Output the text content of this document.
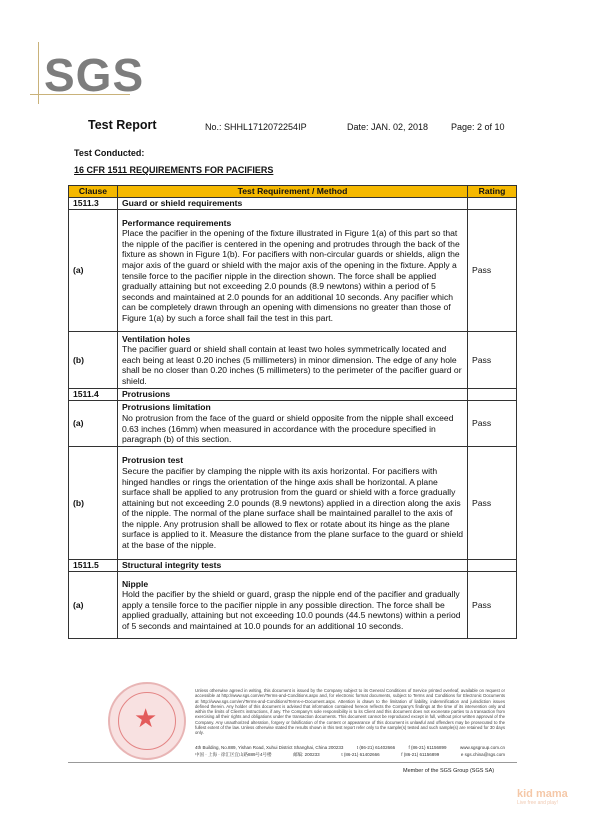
SGS
Test Report	No.: SHHL1712072254IP	Date: JAN. 02, 2018	Page: 2 of 10
Test Conducted:
16 CFR 1511 REQUIREMENTS FOR PACIFIERS
Clause	Test Requirement / Method	Rating
1511.3	Guard or shield requirements	
(a)	Performance requirements
Place the pacifier in the opening of the fixture illustrated in Figure 1(a) of this part so that the nipple of the pacifier is centered in the opening and protrudes through the back of the fixture as shown in Figure 1(b). For pacifiers with non-circular guards or shields, align the major axis of the guard or shield with the major axis of the opening in the fixture. Apply a tensile force to the pacifier nipple in the direction shown. The force shall be applied gradually attaining but not exceeding 2.0 pounds (8.9 newtons) within a period of 5 seconds and maintained at 2.0 pounds for an additional 10 seconds. Any pacifier which can be completely drawn through an opening with dimensions no greater than those of Figure 1(a) by such a force shall fail the test in this part.	Pass
(b)	Ventilation holes
The pacifier guard or shield shall contain at least two holes symmetrically located and each being at least 0.20 inches (5 millimeters) in minor dimension. The edge of any hole shall be no closer than 0.20 inches (5 millimeters) to the perimeter of the pacifier guard or shield.	Pass
1511.4	Protrusions	
(a)	Protrusions limitation
No protrusion from the face of the guard or shield opposite from the nipple shall exceed 0.63 inches (16mm) when measured in accordance with the procedure specified in paragraph (b) of this section.	Pass
(b)	Protrusion test
Secure the pacifier by clamping the nipple with its axis horizontal. For pacifiers with hinged handles or rings the orientation of the hinge axis shall be horizontal. A plane surface shall be applied to any protrusion from the guard or shield with a force gradually attaining but not exceeding 2.0 pounds (8.9 newtons) applied in a direction along the axis of the nipple. The normal of the plane surface shall be maintained parallel to the axis of the nipple. Any protrusion shall be allowed to flex or rotate about its hinge as the plane surface is applied to it. Measure the distance from the plane surface to the guard or shield at the base of the nipple.	Pass
1511.5	Structural integrity tests	
(a)	Nipple
Hold the pacifier by the shield or guard, grasp the nipple end of the pacifier and gradually apply a tensile force to the pacifier nipple in any possible direction. The force shall be applied gradually, attaining but not exceeding 10.0 pounds (44.5 newtons) within a period of 5 seconds and maintained at 10.0 pounds for an additional 10 seconds.	Pass
★
Unless otherwise agreed in writing, this document is issued by the Company subject to its General Conditions of Service printed overleaf, available on request or accessible at http://www.sgs.com/en/Terms-and-Conditions.aspx and, for electronic format documents, subject to Terms and Conditions for Electronic Documents at http://www.sgs.com/en/Terms-and-Conditions/Terms-e-Document.aspx. Attention is drawn to the limitation of liability, indemnification and jurisdiction issues defined therein. Any holder of this document is advised that information contained hereon reflects the Company's findings at the time of its intervention only and within the limits of Client's instructions, if any. The Company's sole responsibility is to its Client and this document does not exonerate parties to a transaction from exercising all their rights and obligations under the transaction documents. This document cannot be reproduced except in full, without prior written approval of the Company. Any unauthorized alteration, forgery or falsification of the content or appearance of this document is unlawful and offenders may be prosecuted to the fullest extent of the law. Unless otherwise stated the results shown in this test report refer only to the sample(s) tested and such sample(s) are retained for 30 days only.
4th Building, No.889, Yishan Road, Xuhui District Shanghai, China 200233	t (86-21) 61402666	f (86-21) 61156899	www.sgsgroup.com.cn
中国 · 上海 · 徐汇区宜山路889号4号楼	邮编: 200233	t (86-21) 61402666	f (86-21) 61156899	e sgs.china@sgs.com
Member of the SGS Group (SGS SA)
kid mama
Live free and play!
